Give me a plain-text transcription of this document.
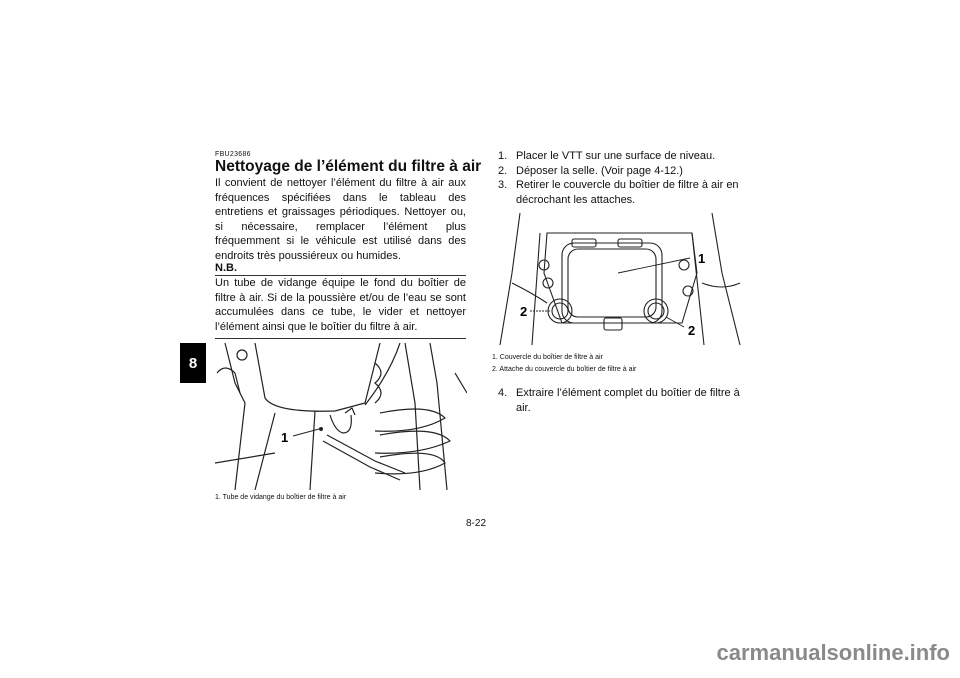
8
FBU23686
Nettoyage de l’élément du filtre à air

Il convient de nettoyer l’élément du filtre à air aux fréquences spécifiées dans le tableau des entretiens et graissages périodiques. Nettoyer ou, si nécessaire, remplacer l’élément plus fréquemment si le véhicule est utilisé dans des endroits très poussiéreux ou humides.

N.B.

Un tube de vidange équipe le fond du boîtier de filtre à air. Si de la poussière et/ou de l’eau se sont accumulées dans ce tube, le vider et nettoyer l’élément ainsi que le boîtier du filtre à air.

1
1. Tube de vidange du boîtier de filtre à air
1. Placer le VTT sur une surface de niveau.
2. Déposer la selle. (Voir page 4-12.)
3. Retirer le couvercle du boîtier de filtre à air en décrochant les attaches.
1
2
2
1. Couvercle du boîtier de filtre à air
2. Attache du couvercle du boîtier de filtre à air
4. Extraire l’élément complet du boîtier de filtre à air.
8-22
carmanualsonline.info
